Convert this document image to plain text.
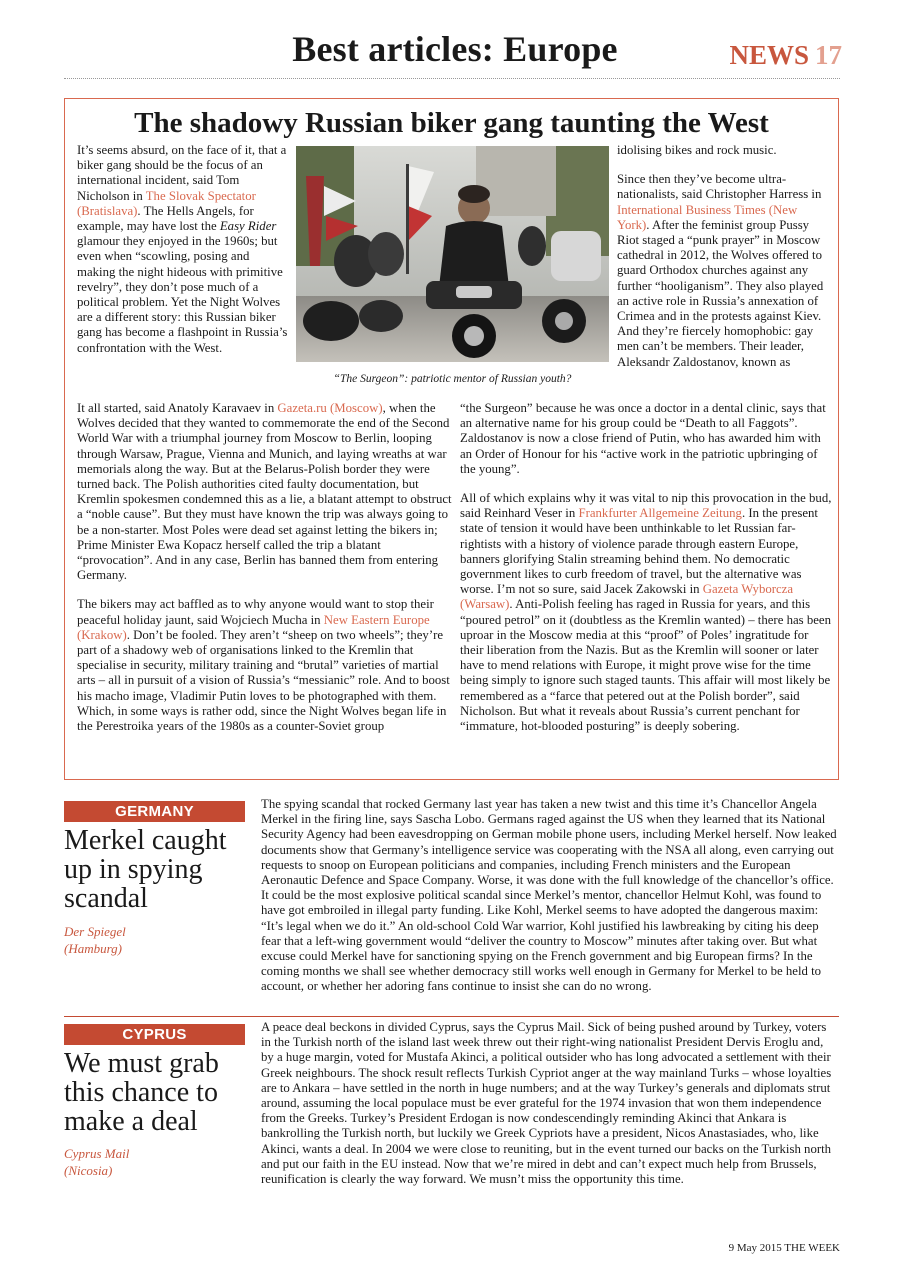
Best articles: Europe	NEWS 17
The shadowy Russian biker gang taunting the West

It’s seems absurd, on the face of it, that a biker gang should be the focus of an international incident, said Tom Nicholson in The Slovak Spectator (Bratislava). The Hells Angels, for example, may have lost the Easy Rider glamour they enjoyed in the 1960s; but even when “scowling, posing and making the night hideous with primitive revelry”, they don’t pose much of a political problem. Yet the Night Wolves are a different story: this Russian biker gang has become a flashpoint in Russia’s confrontation with the West.

“The Surgeon”: patriotic mentor of Russian youth?

idolising bikes and rock music.

Since then they’ve become ultra-nationalists, said Christopher Harress in International Business Times (New York). After the feminist group Pussy Riot staged a “punk prayer” in Moscow cathedral in 2012, the Wolves offered to guard Orthodox churches against any further “hooliganism”. They also played an active role in Russia’s annexation of Crimea and in the protests against Kiev. And they’re fiercely homophobic: gay men can’t be members. Their leader, Aleksandr Zaldostanov, known as

It all started, said Anatoly Karavaev in Gazeta.ru (Moscow), when the Wolves decided that they wanted to commemorate the end of the Second World War with a triumphal journey from Moscow to Berlin, looping through Warsaw, Prague, Vienna and Munich, and laying wreaths at war memorials along the way. But at the Belarus-Polish border they were turned back. The Polish authorities cited faulty documentation, but Kremlin spokesmen condemned this as a lie, a blatant attempt to obstruct a “noble cause”. But they must have known the trip was always going to be a non-starter. Most Poles were dead set against letting the bikers in; Prime Minister Ewa Kopacz herself called the trip a blatant “provocation”. And in any case, Berlin has banned them from entering Germany.

The bikers may act baffled as to why anyone would want to stop their peaceful holiday jaunt, said Wojciech Mucha in New Eastern Europe (Krakow). Don’t be fooled. They aren’t “sheep on two wheels”; they’re part of a shadowy web of organisations linked to the Kremlin that specialise in security, military training and “brutal” varieties of martial arts – all in pursuit of a vision of Russia’s “messianic” role. And to boost his macho image, Vladimir Putin loves to be photographed with them. Which, in some ways is rather odd, since the Night Wolves began life in the Perestroika years of the 1980s as a counter-Soviet group

“the Surgeon” because he was once a doctor in a dental clinic, says that an alternative name for his group could be “Death to all Faggots”. Zaldostanov is now a close friend of Putin, who has awarded him with an Order of Honour for his “active work in the patriotic upbringing of the young”.

All of which explains why it was vital to nip this provocation in the bud, said Reinhard Veser in Frankfurter Allgemeine Zeitung. In the present state of tension it would have been unthinkable to let Russian far-rightists with a history of violence parade through eastern Europe, banners glorifying Stalin streaming behind them. No democratic government likes to curb freedom of travel, but the alternative was worse. I’m not so sure, said Jacek Zakowski in Gazeta Wyborcza (Warsaw). Anti-Polish feeling has raged in Russia for years, and this “poured petrol” on it (doubtless as the Kremlin wanted) – there has been uproar in the Moscow media at this “proof” of Poles’ ingratitude for their liberation from the Nazis. But as the Kremlin will sooner or later have to mend relations with Europe, it might prove wise for the time being simply to ignore such staged taunts. This affair will most likely be remembered as a “farce that petered out at the Polish border”, said Nicholson. But what it reveals about Russia’s current penchant for “immature, hot-blooded posturing” is deeply sobering.

GERMANY
Merkel caught up in spying scandal
Der Spiegel
(Hamburg)
The spying scandal that rocked Germany last year has taken a new twist and this time it’s Chancellor Angela Merkel in the firing line, says Sascha Lobo. Germans raged against the US when they learned that its National Security Agency had been eavesdropping on German mobile phone users, including Merkel herself. Now leaked documents show that Germany’s intelligence service was cooperating with the NSA all along, even carrying out requests to snoop on European politicians and companies, including French ministers and the European Aeronautic Defence and Space Company. Worse, it was done with the full knowledge of the chancellor’s office. It could be the most explosive political scandal since Merkel’s mentor, chancellor Helmut Kohl, was found to have got embroiled in illegal party funding. Like Kohl, Merkel seems to have adopted the dangerous maxim: “It’s legal when we do it.” An old-school Cold War warrior, Kohl justified his lawbreaking by citing his deep fear that a left-wing government would “deliver the country to Moscow” minutes after taking over. But what excuse could Merkel have for sanctioning spying on the French government and big European firms? In the coming months we shall see whether democracy still works well enough in Germany for Merkel to be held to account, or whether her adoring fans continue to insist she can do no wrong.
CYPRUS
We must grab this chance to make a deal
Cyprus Mail
(Nicosia)
A peace deal beckons in divided Cyprus, says the Cyprus Mail. Sick of being pushed around by Turkey, voters in the Turkish north of the island last week threw out their right-wing nationalist President Dervis Eroglu and, by a huge margin, voted for Mustafa Akinci, a political outsider who has long advocated a settlement with their Greek neighbours. The shock result reflects Turkish Cypriot anger at the way mainland Turks – whose loyalties are to Ankara – have settled in the north in huge numbers; and at the way Turkey’s generals and diplomats strut around, assuming the local populace must be ever grateful for the 1974 invasion that won them independence from the Greeks. Turkey’s President Erdogan is now condescendingly reminding Akinci that Ankara is bankrolling the Turkish north, but luckily we Greek Cypriots have a president, Nicos Anastasiades, who, like Akinci, wants a deal. In 2004 we were close to reuniting, but in the event turned our backs on the Turkish north and put our faith in the EU instead. Now that we’re mired in debt and can’t expect much help from Brussels, reunification is clearly the way forward. We musn’t miss the opportunity this time.
9 May 2015 THE WEEK
